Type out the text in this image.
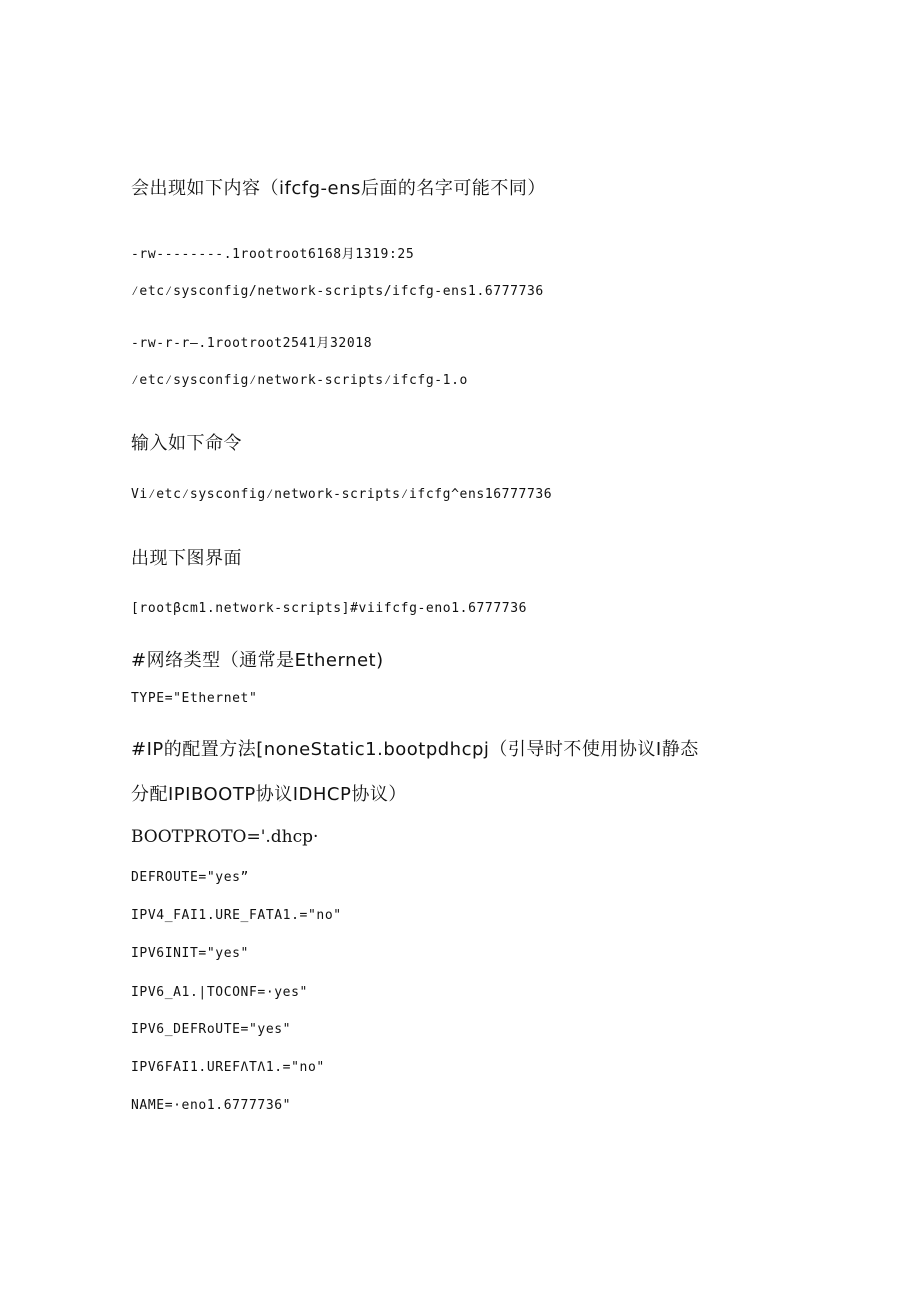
会出现如下内容（ifcfg-ens后面的名字可能不同）

-rw--------.1rootroot6168月1319:25

⁄etc⁄sysconfig/network-scripts/ifcfg-ens1.6777736

-rw-r-r—.1rootroot2541月32018

⁄etc⁄sysconfig⁄network-scripts⁄ifcfg-1.o

输入如下命令

Vi⁄etc⁄sysconfig⁄network-scripts⁄ifcfg^ens16777736

出现下图界面

[rootβcm1.network-scripts]#viifcfg-eno1.6777736

#网络类型（通常是Ethernet)

TYPE="Ethernet"

#IP的配置方法[noneStatic1.bootpdhcpj（引导时不使用协议I静态

分配IPIBOOTP协议IDHCP协议）

BOOTPROTO='.dhcp·

DEFROUTE="yes”

IPV4_FAI1.URE_FATA1.="no"

IPV6INIT="yes"

IPV6_A1.|TOCONF=·yes"

IPV6_DEFRoUTE="yes"

IPV6FAI1.UREFΛTΛ1.="no"

NAME=·eno1.6777736"
